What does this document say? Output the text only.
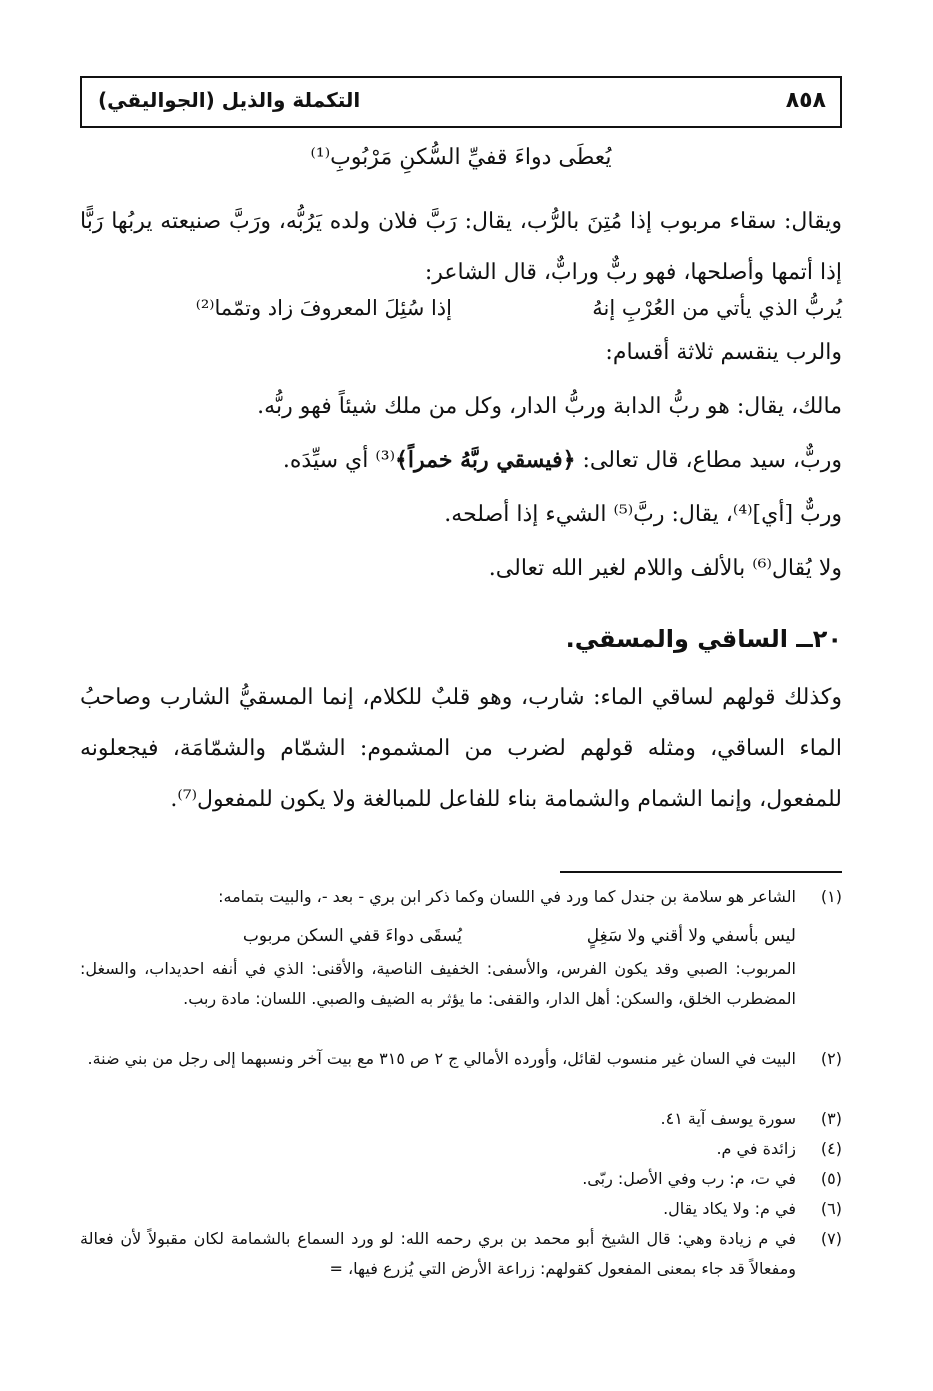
التكملة والذيل (الجواليقي)	٨٥٨
يُعطَى دواءَ قفيِّ السُّكنِ مَرْبُوبِ⁽¹⁾
ويقال: سقاء مربوب إذا مُتِنَ بالرُّب، يقال: رَبَّ فلان ولده يَرُبُّه، ورَبَّ صنيعته يربُها رَبًّا إذا أتمها وأصلحها، فهو ربٌّ ورابٌّ، قال الشاعر:
يُربُّ الذي يأتي من العُرْبِ إنهُ
إذا سُئِلَ المعروفَ زاد وتمّما⁽²⁾
والرب ينقسم ثلاثة أقسام:
مالك، يقال: هو ربُّ الدابة وربُّ الدار، وكل من ملك شيئاً فهو ربُّه.
وربٌّ، سيد مطاع، قال تعالى: ﴿فيسقي ربَّهُ خمراً﴾⁽³⁾ أي سيِّدَه.
وربٌّ [أي]⁽⁴⁾، يقال: ربَّ⁽⁵⁾ الشيء إذا أصلحه.
ولا يُقال⁽⁶⁾ بالألف واللام لغير الله تعالى.
٢٠ــ الساقي والمسقي.
وكذلك قولهم لساقي الماء: شارب، وهو قلبٌ للكلام، إنما المسقيُّ الشارب وصاحبُ الماء الساقي، ومثله قولهم لضرب من المشموم: الشمّام والشمّامَة، فيجعلونه للمفعول، وإنما الشمام والشمامة بناء للفاعل للمبالغة ولا يكون للمفعول⁽⁷⁾.
(١)
الشاعر هو سلامة بن جندل كما ورد في اللسان وكما ذكر ابن بري - بعد -، والبيت بتمامه:
ليس بأسفي ولا أقني ولا سَغِلٍ
يُسقَى دواءَ قفي السكن مربوب
المربوب: الصبي وقد يكون الفرس، والأسفى: الخفيف الناصية، والأقنى: الذي في أنفه احديداب، والسغل: المضطرب الخلق، والسكن: أهل الدار، والقفى: ما يؤثر به الضيف والصبي. اللسان: مادة ربب.
(٢)
البيت في السان غير منسوب لقائل، وأورده الأمالي ج ٢ ص ٣١٥ مع بيت آخر ونسبهما إلى رجل من بني ضنة.
(٣)
سورة يوسف آية ٤١.
(٤)
زائدة في م.
(٥)
في ت، م: رب وفي الأصل: ربّى.
(٦)
في م: ولا يكاد يقال.
(٧)
في م زيادة وهي: قال الشيخ أبو محمد بن بري رحمه الله: لو ورد السماع بالشمامة لكان مقبولاً لأن فعالة ومفعالاً قد جاء بمعنى المفعول كقولهم: زراعة الأرض التي يُزرع فيها، =
